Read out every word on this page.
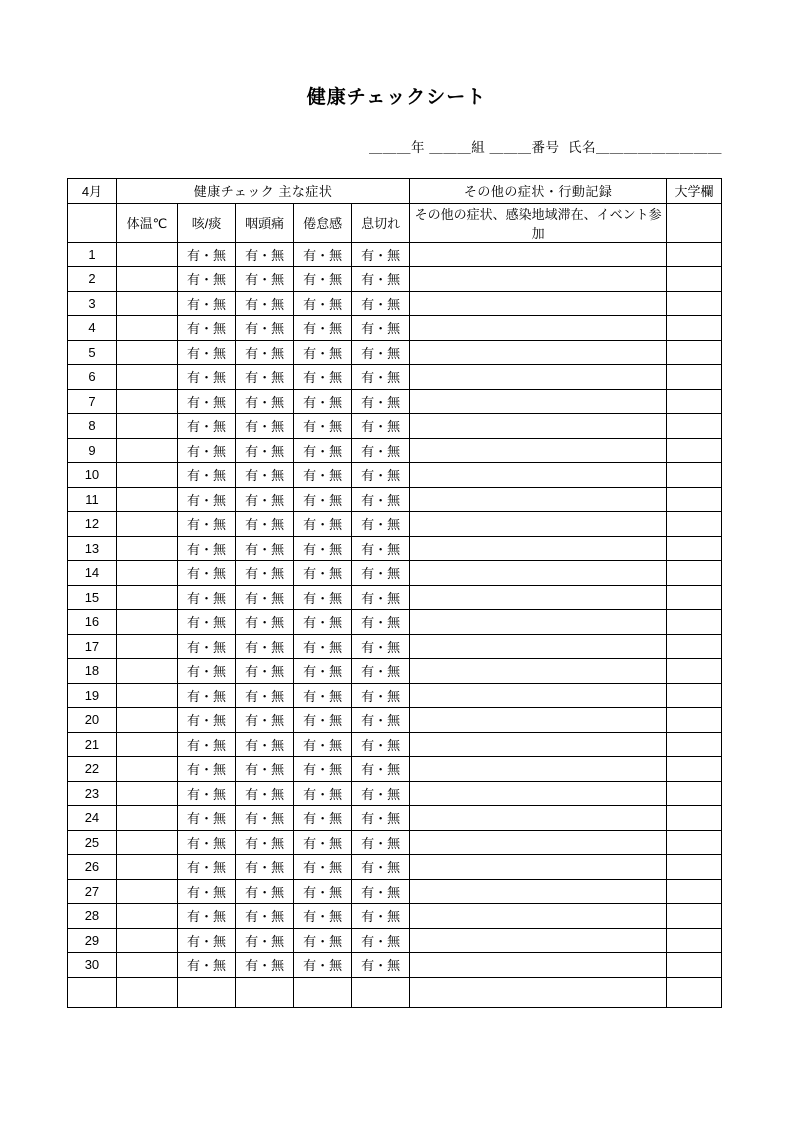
健康チェックシート
＿＿＿年 ＿＿＿組 ＿＿＿番号  氏名＿＿＿＿＿＿＿＿＿
4月	健康チェック 主な症状					その他の症状・行動記録	大学欄
	体温℃	咳/痰	咽頭痛	倦怠感	息切れ	その他の症状、感染地域滞在、イベント参加	
1		有・無	有・無	有・無	有・無		
2		有・無	有・無	有・無	有・無		
3		有・無	有・無	有・無	有・無		
4		有・無	有・無	有・無	有・無		
5		有・無	有・無	有・無	有・無		
6		有・無	有・無	有・無	有・無		
7		有・無	有・無	有・無	有・無		
8		有・無	有・無	有・無	有・無		
9		有・無	有・無	有・無	有・無		
10		有・無	有・無	有・無	有・無		
11		有・無	有・無	有・無	有・無		
12		有・無	有・無	有・無	有・無		
13		有・無	有・無	有・無	有・無		
14		有・無	有・無	有・無	有・無		
15		有・無	有・無	有・無	有・無		
16		有・無	有・無	有・無	有・無		
17		有・無	有・無	有・無	有・無		
18		有・無	有・無	有・無	有・無		
19		有・無	有・無	有・無	有・無		
20		有・無	有・無	有・無	有・無		
21		有・無	有・無	有・無	有・無		
22		有・無	有・無	有・無	有・無		
23		有・無	有・無	有・無	有・無		
24		有・無	有・無	有・無	有・無		
25		有・無	有・無	有・無	有・無		
26		有・無	有・無	有・無	有・無		
27		有・無	有・無	有・無	有・無		
28		有・無	有・無	有・無	有・無		
29		有・無	有・無	有・無	有・無		
30		有・無	有・無	有・無	有・無		
